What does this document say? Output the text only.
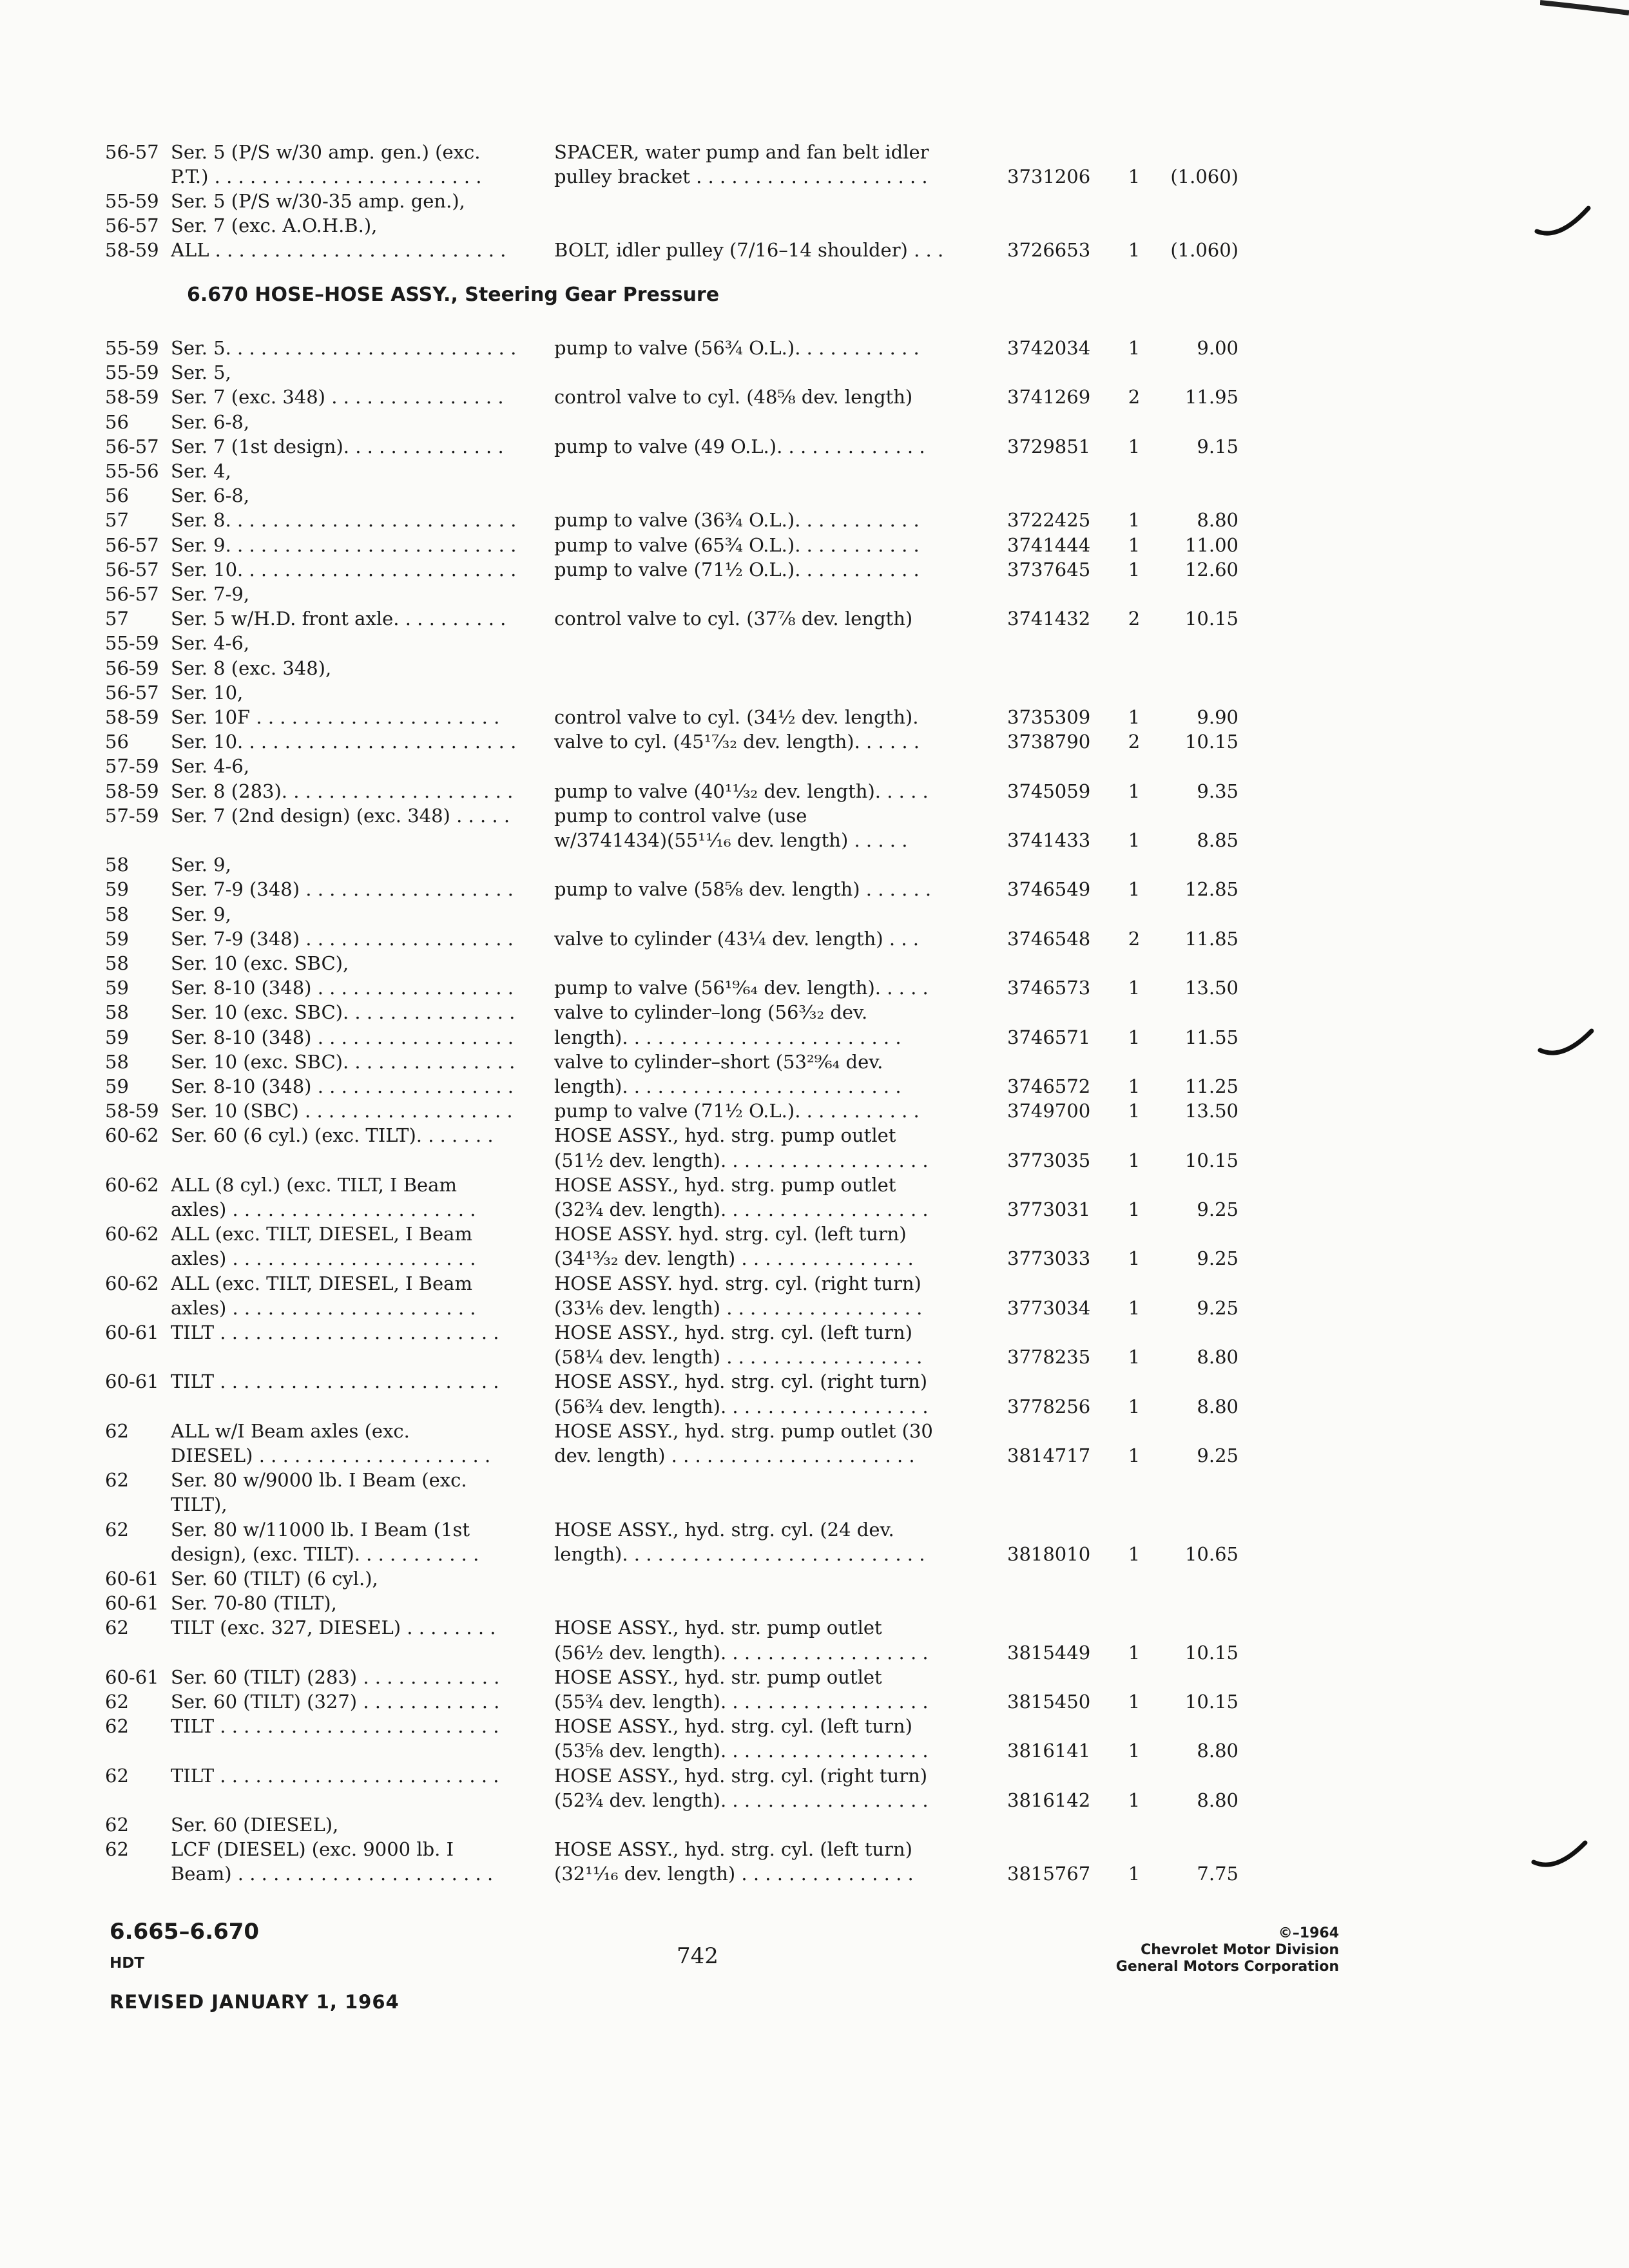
6.670 HOSE–HOSE ASSY., Steering Gear Pressure
56-57 Ser. 5 (P/S w/30 amp. gen.) (exc.	SPACER, water pump and fan belt idler
P.T.) . . . . . . . . . . . . . . . . . . . . . . .	pulley bracket . . . . . . . . . . . . . . . . . . . .	3731206	1	(1.060)
55-59 Ser. 5 (P/S w/30-35 amp. gen.),
56-57 Ser. 7 (exc. A.O.H.B.),
58-59 ALL . . . . . . . . . . . . . . . . . . . . . . . . .	BOLT, idler pulley (7/16–14 shoulder) . . .	3726653	1	(1.060)
55-59 Ser. 5. . . . . . . . . . . . . . . . . . . . . . . . .	pump to valve (56¾ O.L.). . . . . . . . . . .	3742034	1	9.00
55-59 Ser. 5,
58-59 Ser. 7 (exc. 348) . . . . . . . . . . . . . . .	control valve to cyl. (48⅝ dev. length)	3741269	2	11.95
56	Ser. 6-8,
56-57 Ser. 7 (1st design). . . . . . . . . . . . . .	pump to valve (49 O.L.). . . . . . . . . . . . .	3729851	1	9.15
55-56 Ser. 4,
56	Ser. 6-8,
57	Ser. 8. . . . . . . . . . . . . . . . . . . . . . . . .	pump to valve (36¾ O.L.). . . . . . . . . . .	3722425	1	8.80
56-57 Ser. 9. . . . . . . . . . . . . . . . . . . . . . . . .	pump to valve (65¾ O.L.). . . . . . . . . . .	3741444	1	11.00
56-57 Ser. 10. . . . . . . . . . . . . . . . . . . . . . . .	pump to valve (71½ O.L.). . . . . . . . . . .	3737645	1	12.60
56-57 Ser. 7-9,
57	Ser. 5 w/H.D. front axle. . . . . . . . . .	control valve to cyl. (37⅞ dev. length)	3741432	2	10.15
55-59 Ser. 4-6,
56-59 Ser. 8 (exc. 348),
56-57 Ser. 10,
58-59 Ser. 10F . . . . . . . . . . . . . . . . . . . . .	control valve to cyl. (34½ dev. length).	3735309	1	9.90
56	Ser. 10. . . . . . . . . . . . . . . . . . . . . . . .	valve to cyl. (45¹⁷⁄₃₂ dev. length). . . . . .	3738790	2	10.15
57-59 Ser. 4-6,
58-59 Ser. 8 (283). . . . . . . . . . . . . . . . . . . .	pump to valve (40¹¹⁄₃₂ dev. length). . . . .	3745059	1	9.35
57-59 Ser. 7 (2nd design) (exc. 348) . . . . .	pump to control valve (use
w/3741434)(55¹¹⁄₁₆ dev. length) . . . . .	3741433	1	8.85
58	Ser. 9,
59	Ser. 7-9 (348) . . . . . . . . . . . . . . . . . .	pump to valve (58⅝ dev. length) . . . . . .	3746549	1	12.85
58	Ser. 9,
59	Ser. 7-9 (348) . . . . . . . . . . . . . . . . . .	valve to cylinder (43¼ dev. length) . . .	3746548	2	11.85
58	Ser. 10 (exc. SBC),
59	Ser. 8-10 (348) . . . . . . . . . . . . . . . . .	pump to valve (56¹⁹⁄₆₄ dev. length). . . . .	3746573	1	13.50
58	Ser. 10 (exc. SBC). . . . . . . . . . . . . . .	valve to cylinder–long (56³⁄₃₂ dev.
59	Ser. 8-10 (348) . . . . . . . . . . . . . . . . .	length). . . . . . . . . . . . . . . . . . . . . . . .	3746571	1	11.55
58	Ser. 10 (exc. SBC). . . . . . . . . . . . . . .	valve to cylinder–short (53²⁹⁄₆₄ dev.
59	Ser. 8-10 (348) . . . . . . . . . . . . . . . . .	length). . . . . . . . . . . . . . . . . . . . . . . .	3746572	1	11.25
58-59 Ser. 10 (SBC) . . . . . . . . . . . . . . . . . .	pump to valve (71½ O.L.). . . . . . . . . . .	3749700	1	13.50
60-62 Ser. 60 (6 cyl.) (exc. TILT). . . . . . .	HOSE ASSY., hyd. strg. pump outlet
(51½ dev. length). . . . . . . . . . . . . . . . . .	3773035	1	10.15
60-62 ALL (8 cyl.) (exc. TILT, I Beam	HOSE ASSY., hyd. strg. pump outlet
axles) . . . . . . . . . . . . . . . . . . . . .	(32¾ dev. length). . . . . . . . . . . . . . . . . .	3773031	1	9.25
60-62 ALL (exc. TILT, DIESEL, I Beam	HOSE ASSY. hyd. strg. cyl. (left turn)
axles) . . . . . . . . . . . . . . . . . . . . .	(34¹³⁄₃₂ dev. length) . . . . . . . . . . . . . . .	3773033	1	9.25
60-62 ALL (exc. TILT, DIESEL, I Beam	HOSE ASSY. hyd. strg. cyl. (right turn)
axles) . . . . . . . . . . . . . . . . . . . . .	(33⅙ dev. length) . . . . . . . . . . . . . . . . .	3773034	1	9.25
60-61 TILT . . . . . . . . . . . . . . . . . . . . . . . .	HOSE ASSY., hyd. strg. cyl. (left turn)
(58¼ dev. length) . . . . . . . . . . . . . . . . .	3778235	1	8.80
60-61 TILT . . . . . . . . . . . . . . . . . . . . . . . .	HOSE ASSY., hyd. strg. cyl. (right turn)
(56¾ dev. length). . . . . . . . . . . . . . . . . .	3778256	1	8.80
62	ALL w/I Beam axles (exc.	HOSE ASSY., hyd. strg. pump outlet (30
DIESEL) . . . . . . . . . . . . . . . . . . . .	dev. length) . . . . . . . . . . . . . . . . . . . . .	3814717	1	9.25
62	Ser. 80 w/9000 lb. I Beam (exc.
TILT),
62	Ser. 80 w/11000 lb. I Beam (1st	HOSE ASSY., hyd. strg. cyl. (24 dev.
design), (exc. TILT). . . . . . . . . . .	length). . . . . . . . . . . . . . . . . . . . . . . . . .	3818010	1	10.65
60-61 Ser. 60 (TILT) (6 cyl.),
60-61 Ser. 70-80 (TILT),
62	TILT (exc. 327, DIESEL) . . . . . . . .	HOSE ASSY., hyd. str. pump outlet
(56½ dev. length). . . . . . . . . . . . . . . . . .	3815449	1	10.15
60-61 Ser. 60 (TILT) (283) . . . . . . . . . . . .	HOSE ASSY., hyd. str. pump outlet
62	Ser. 60 (TILT) (327) . . . . . . . . . . . .	(55¾ dev. length). . . . . . . . . . . . . . . . . .	3815450	1	10.15
62	TILT . . . . . . . . . . . . . . . . . . . . . . . .	HOSE ASSY., hyd. strg. cyl. (left turn)
(53⅝ dev. length). . . . . . . . . . . . . . . . . .	3816141	1	8.80
62	TILT . . . . . . . . . . . . . . . . . . . . . . . .	HOSE ASSY., hyd. strg. cyl. (right turn)
(52¾ dev. length). . . . . . . . . . . . . . . . . .	3816142	1	8.80
62	Ser. 60 (DIESEL),
62	LCF (DIESEL) (exc. 9000 lb. I	HOSE ASSY., hyd. strg. cyl. (left turn)
Beam) . . . . . . . . . . . . . . . . . . . . . .	(32¹¹⁄₁₆ dev. length) . . . . . . . . . . . . . . .	3815767	1	7.75
6.665–6.670
HDT	742
REVISED JANUARY 1, 1964
©–1964
Chevrolet Motor Division
General Motors Corporation
